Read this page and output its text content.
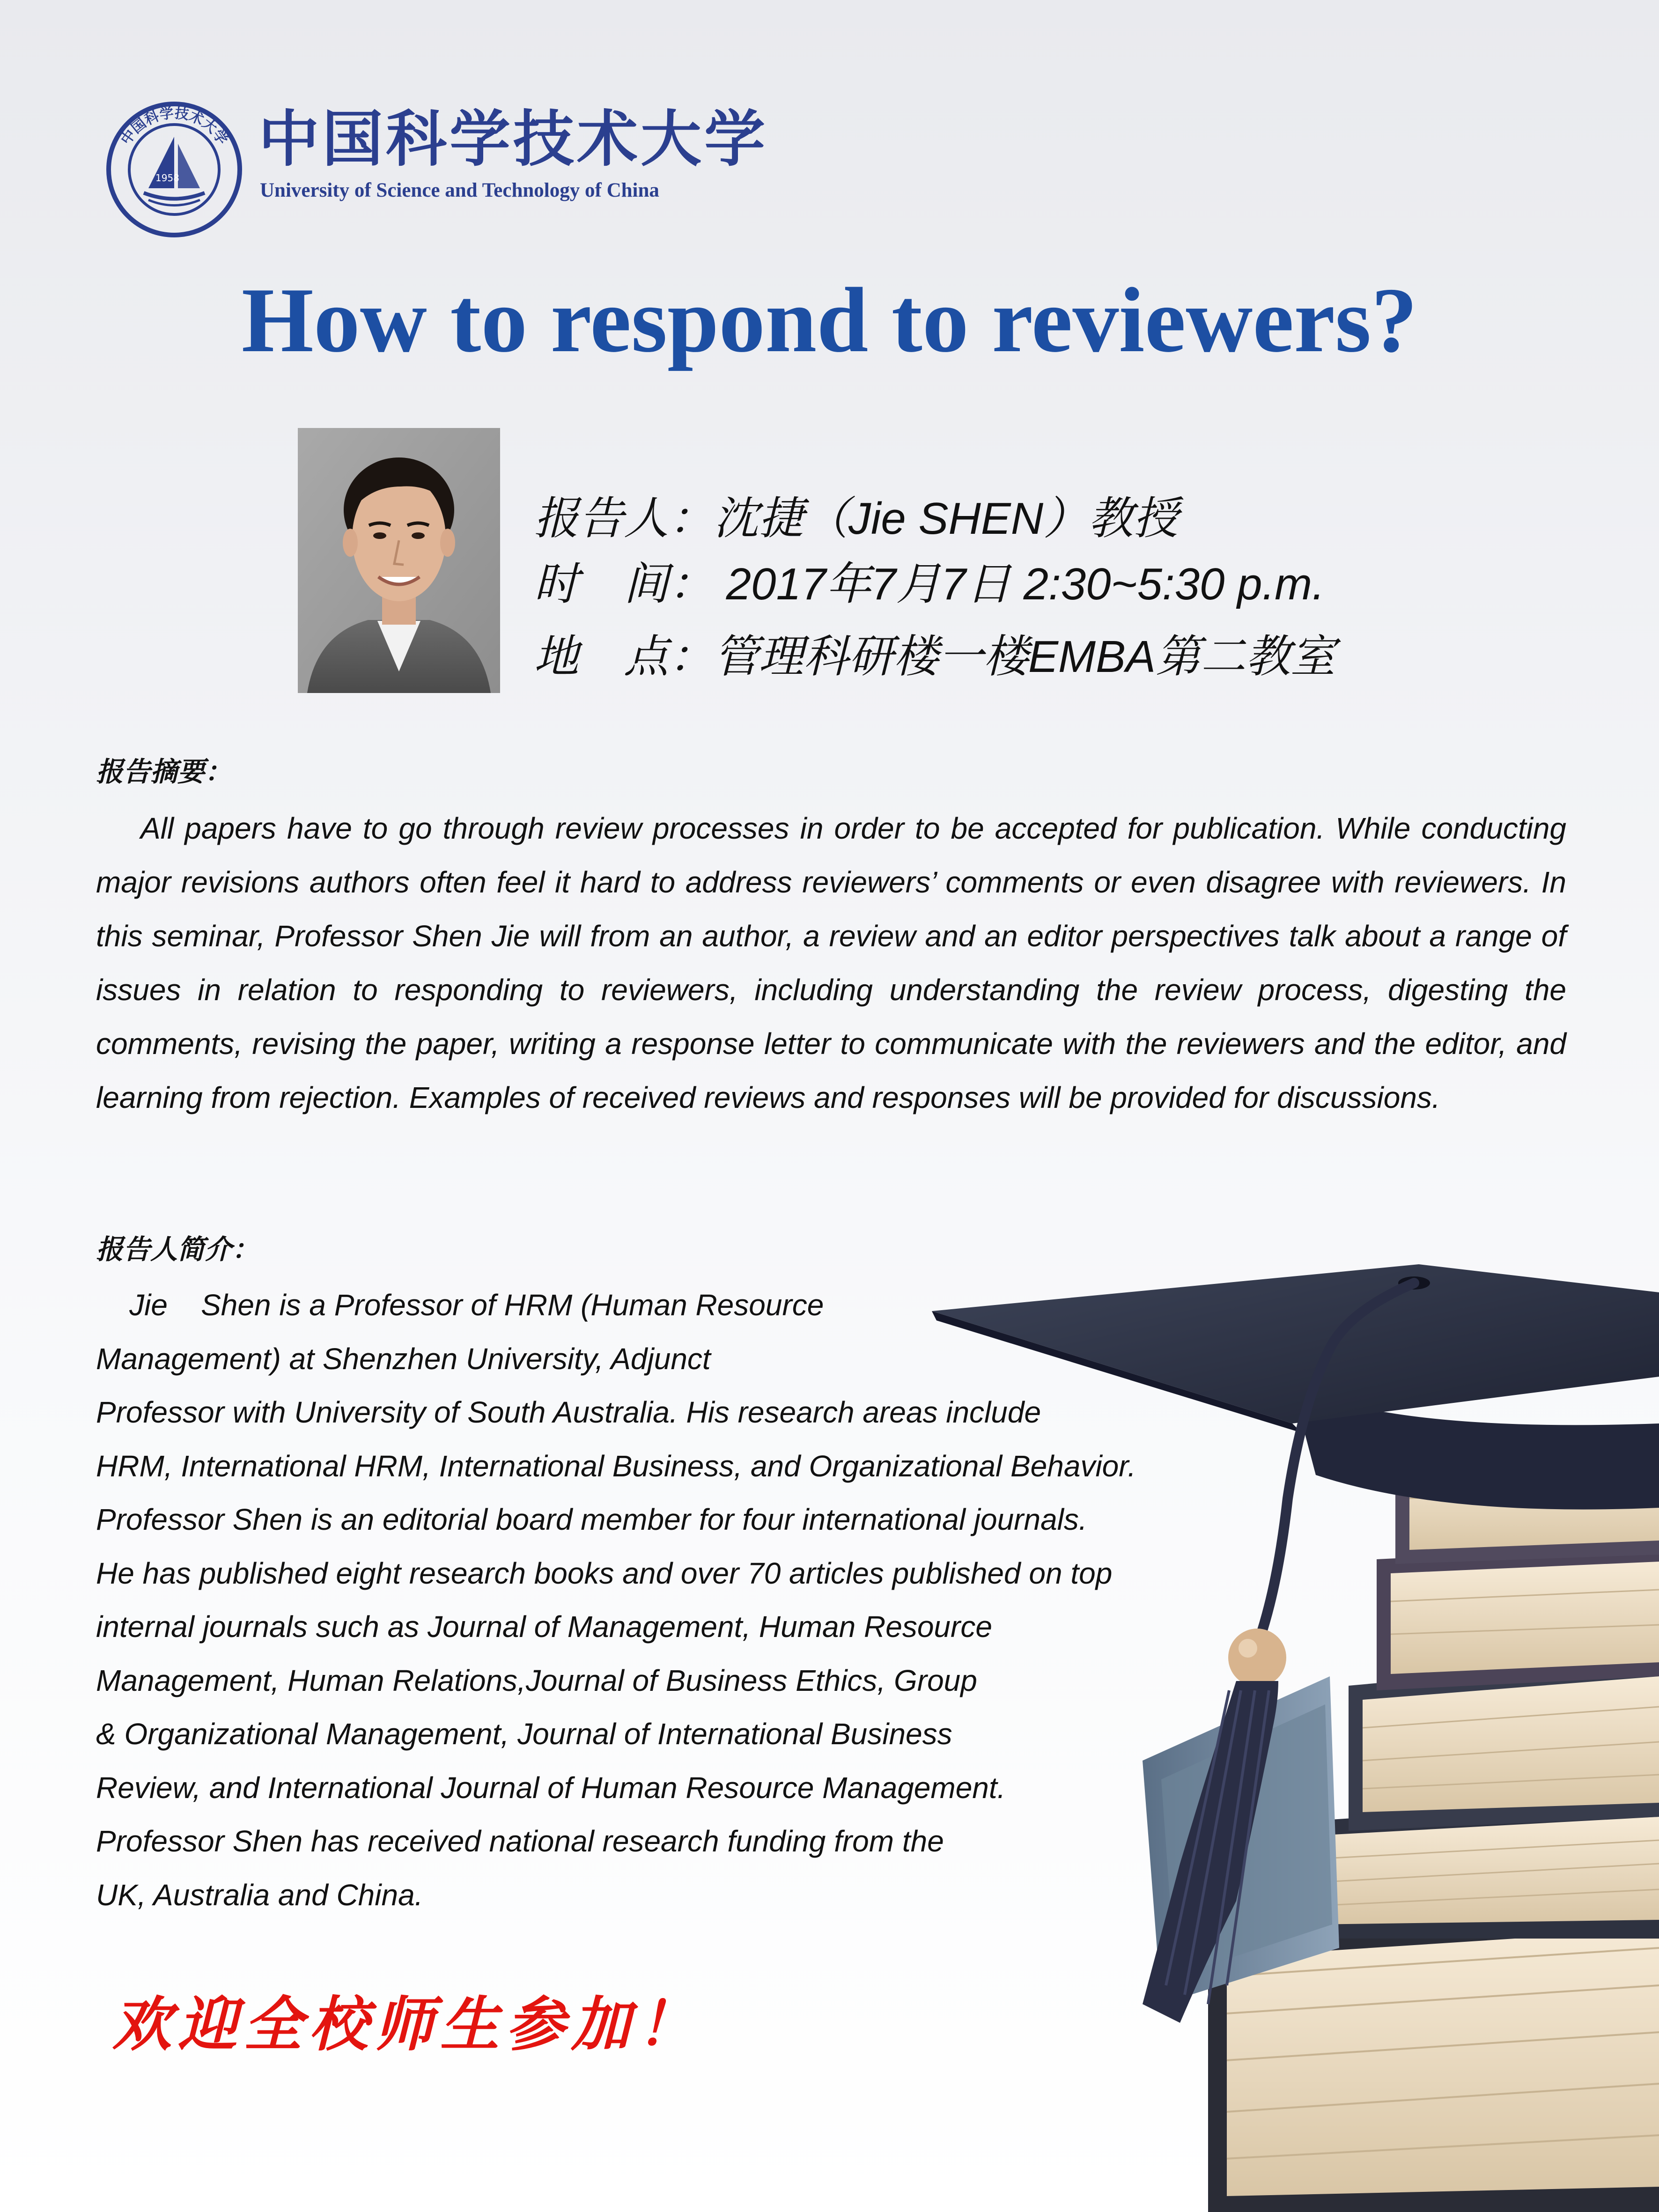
中国科学技术大学
1958
中国科学技术大学
University of Science and Technology of China
How to respond to reviewers?
报告人：沈捷（Jie SHEN）教授
时　间： 2017年7月7日 2:30~5:30 p.m.
地　点：管理科研楼一楼EMBA第二教室
报告摘要：
All papers have to go through review processes in order to be accepted for publication. While conducting major revisions authors often feel it hard to address reviewers’ comments or even disagree with reviewers. In this seminar, Professor Shen Jie will from an author, a review and an editor perspectives talk about a range of issues in relation to responding to reviewers, including understanding the review process, digesting the comments, revising the paper, writing a response letter to communicate with the reviewers and the editor, and learning from rejection. Examples of received reviews and responses will be provided for discussions.
报告人简介：
Jie    Shen is a Professor of HRM (Human Resource
Management) at Shenzhen University, Adjunct
Professor with University of South Australia. His research areas include
HRM, International HRM, International Business, and Organizational Behavior.
Professor Shen is an editorial board member for four international journals.
He has published eight research books and over 70 articles published on top
internal journals such as Journal of Management, Human Resource
Management, Human Relations,Journal of Business Ethics, Group
& Organizational Management, Journal of International Business
Review, and International Journal of Human Resource Management.
Professor Shen has received national research funding from the
UK, Australia and China.
欢迎全校师生参加！
